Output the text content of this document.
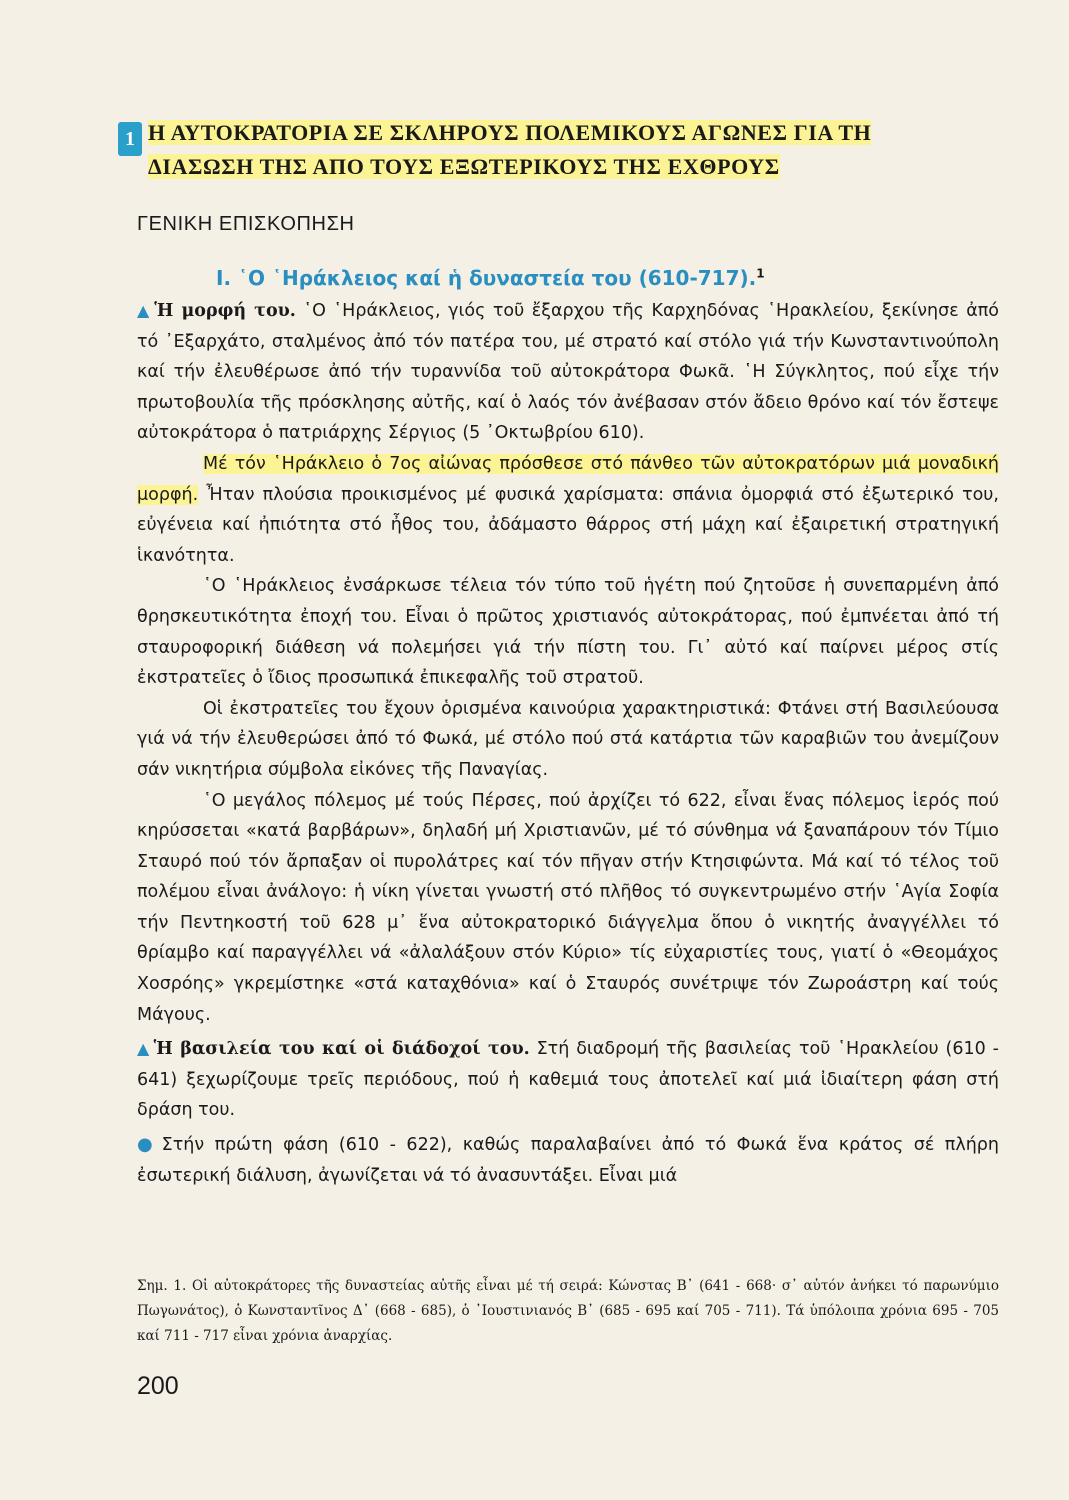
1 Η ΑΥΤΟΚΡΑΤΟΡΙΑ ΣΕ ΣΚΛΗΡΟΥΣ ΠΟΛΕΜΙΚΟΥΣ ΑΓΩΝΕΣ ΓΙΑ ΤΗ
ΔΙΑΣΩΣΗ ΤΗΣ ΑΠΟ ΤΟΥΣ ΕΞΩΤΕΡΙΚΟΥΣ ΤΗΣ ΕΧΘΡΟΥΣ
ΓΕΝΙΚΗ ΕΠΙΣΚΟΠΗΣΗ
Ι. ῾Ο ῾Ηράκλειος καί ἡ δυναστεία του (610-717).$^1$

▲ Ἡ μορφή του. ῾Ο ῾Ηράκλειος, γιός τοῦ ἔξαρχου τῆς Καρχηδόνας ῾Ηρακλείου, ξεκίνησε ἀπό τό ᾿Εξαρχάτο, σταλμένος ἀπό τόν πατέρα του, μέ στρατό καί στόλο γιά τήν Κωνσταντινούπολη καί τήν ἐλευθέρωσε ἀπό τήν τυραννίδα τοῦ αὐτοκράτορα Φωκᾶ. ῾Η Σύγκλητος, πού εἶχε τήν πρωτοβουλία τῆς πρόσκλησης αὐτῆς, καί ὁ λαός τόν ἀνέβασαν στόν ἄδειο θρόνο καί τόν ἔστεψε αὐτοκράτορα ὁ πατριάρχης Σέργιος (5 ᾿Οκτωβρίου 610).

Μέ τόν ῾Ηράκλειο ὁ 7ος αἰώνας πρόσθεσε στό πάνθεο τῶν αὐτοκρατόρων μιά μοναδική μορφή. Ἦταν πλούσια προικισμένος μέ φυσικά χαρίσματα: σπάνια ὀμορφιά στό ἐξωτερικό του, εὐγένεια καί ἠπιότητα στό ἦθος του, ἀδάμαστο θάρρος στή μάχη καί ἐξαιρετική στρατηγική ἱκανότητα.

῾Ο ῾Ηράκλειος ἐνσάρκωσε τέλεια τόν τύπο τοῦ ἡγέτη πού ζητοῦσε ἡ συνεπαρμένη ἀπό θρησκευτικότητα ἐποχή του. Εἶναι ὁ πρῶτος χριστιανός αὐτοκράτορας, πού ἐμπνέεται ἀπό τή σταυροφορική διάθεση νά πολεμήσει γιά τήν πίστη του. Γι᾿ αὐτό καί παίρνει μέρος στίς ἐκστρατεῖες ὁ ἴδιος προσωπικά ἐπικεφαλῆς τοῦ στρατοῦ.

Οἱ ἐκστρατεῖες του ἔχουν ὁρισμένα καινούρια χαρακτηριστικά: Φτάνει στή Βασιλεύουσα γιά νά τήν ἐλευθερώσει ἀπό τό Φωκά, μέ στόλο πού στά κατάρτια τῶν καραβιῶν του ἀνεμίζουν σάν νικητήρια σύμβολα εἰκόνες τῆς Παναγίας.

῾Ο μεγάλος πόλεμος μέ τούς Πέρσες, πού ἀρχίζει τό 622, εἶναι ἕνας πόλεμος ἱερός πού κηρύσσεται «κατά βαρβάρων», δηλαδή μή Χριστιανῶν, μέ τό σύνθημα νά ξαναπάρουν τόν Τίμιο Σταυρό πού τόν ἄρπαξαν οἱ πυρολάτρες καί τόν πῆγαν στήν Κτησιφώντα. Μά καί τό τέλος τοῦ πολέμου εἶναι ἀνάλογο: ἡ νίκη γίνεται γνωστή στό πλῆθος τό συγκεντρωμένο στήν ῾Αγία Σοφία τήν Πεντηκοστή τοῦ 628 μ᾿ ἕνα αὐτοκρατορικό διάγγελμα ὅπου ὁ νικητής ἀναγγέλλει τό θρίαμβο καί παραγγέλλει νά «ἀλαλάξουν στόν Κύριο» τίς εὐχαριστίες τους, γιατί ὁ «Θεομάχος Χοσρόης» γκρεμίστηκε «στά καταχθόνια» καί ὁ Σταυρός συνέτριψε τόν Ζωροάστρη καί τούς Μάγους.

▲ Ἡ βασιλεία του καί οἱ διάδοχοί του. Στή διαδρομή τῆς βασιλείας τοῦ ῾Ηρακλείου (610 - 641) ξεχωρίζουμε τρεῖς περιόδους, πού ἡ καθεμιά τους ἀποτελεῖ καί μιά ἰδιαίτερη φάση στή δράση του.

● Στήν πρώτη φάση (610 - 622), καθώς παραλαβαίνει ἀπό τό Φωκά ἕνα κράτος σέ πλήρη ἐσωτερική διάλυση, ἀγωνίζεται νά τό ἀνασυντάξει. Εἶναι μιά

Σημ. 1. Οἱ αὐτοκράτορες τῆς δυναστείας αὐτῆς εἶναι μέ τή σειρά: Κώνστας Β᾿ (641 - 668· σ᾿ αὐτόν ἀνήκει τό παρωνύμιο Πωγωνάτος), ὁ Κωνσταντῖνος Δ᾿ (668 - 685), ὁ ᾿Ιουστινιανός Β᾿ (685 - 695 καί 705 - 711). Τά ὑπόλοιπα χρόνια 695 - 705 καί 711 - 717 εἶναι χρόνια ἀναρχίας.
200
